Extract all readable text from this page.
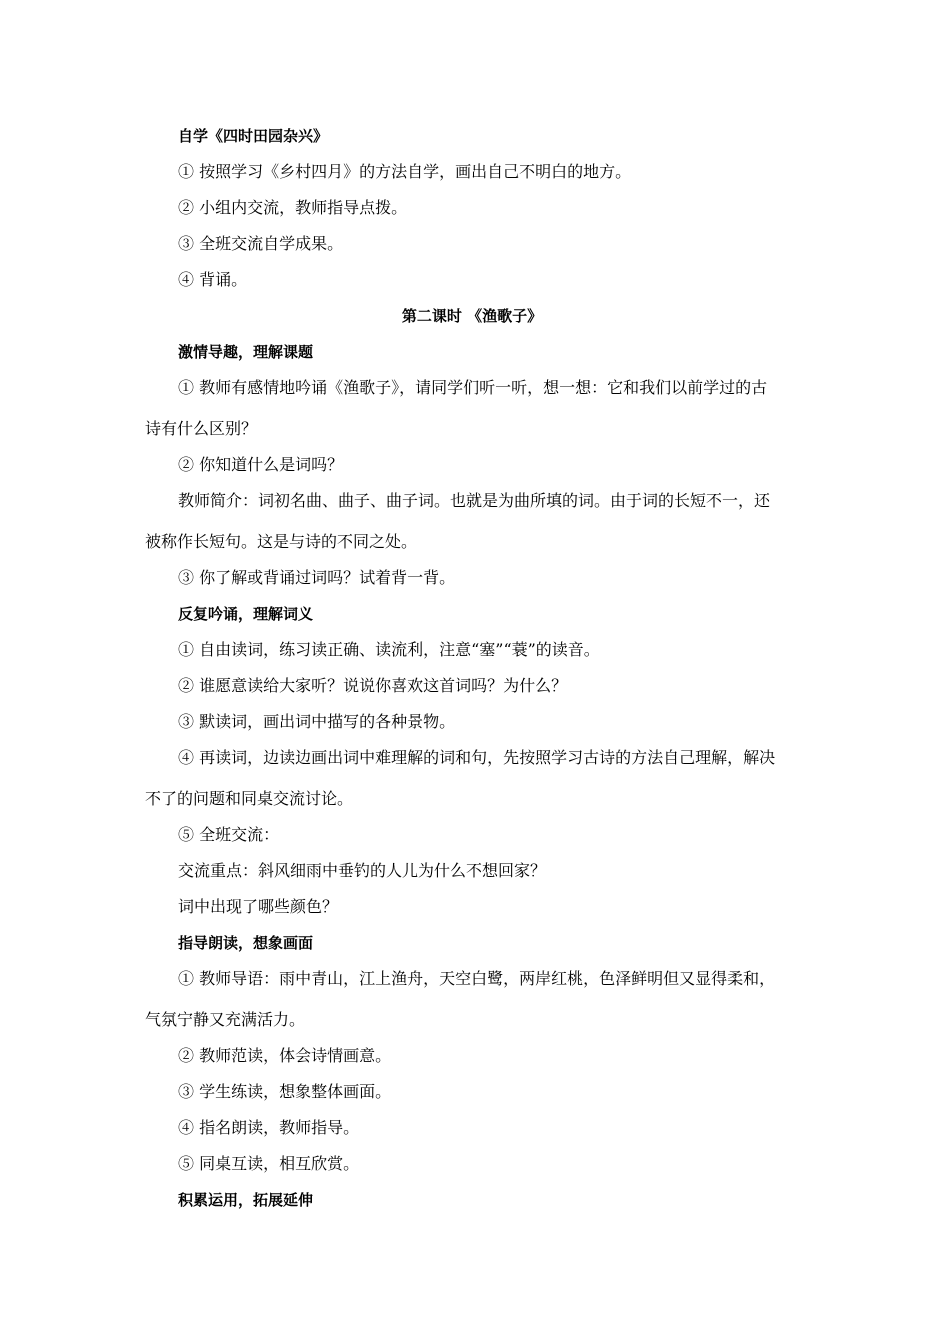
自学《四时田园杂兴》
① 按照学习《乡村四月》的方法自学，画出自己不明白的地方。
② 小组内交流，教师指导点拨。
③ 全班交流自学成果。
④ 背诵。
第二课时 《渔歌子》
激情导趣，理解课题
① 教师有感情地吟诵《渔歌子》，请同学们听一听，想一想：它和我们以前学过的古
诗有什么区别？
② 你知道什么是词吗？
教师简介：词初名曲、曲子、曲子词。也就是为曲所填的词。由于词的长短不一，还
被称作长短句。这是与诗的不同之处。
③ 你了解或背诵过词吗？试着背一背。
反复吟诵，理解词义
① 自由读词，练习读正确、读流利，注意“塞”“蓑”的读音。
② 谁愿意读给大家听？说说你喜欢这首词吗？为什么？
③ 默读词，画出词中描写的各种景物。
④ 再读词，边读边画出词中难理解的词和句，先按照学习古诗的方法自己理解，解决
不了的问题和同桌交流讨论。
⑤ 全班交流：
交流重点：斜风细雨中垂钓的人儿为什么不想回家？
词中出现了哪些颜色？
指导朗读，想象画面
① 教师导语：雨中青山，江上渔舟，天空白鹭，两岸红桃，色泽鲜明但又显得柔和，
气氛宁静又充满活力。
② 教师范读，体会诗情画意。
③ 学生练读，想象整体画面。
④ 指名朗读，教师指导。
⑤ 同桌互读，相互欣赏。
积累运用，拓展延伸
